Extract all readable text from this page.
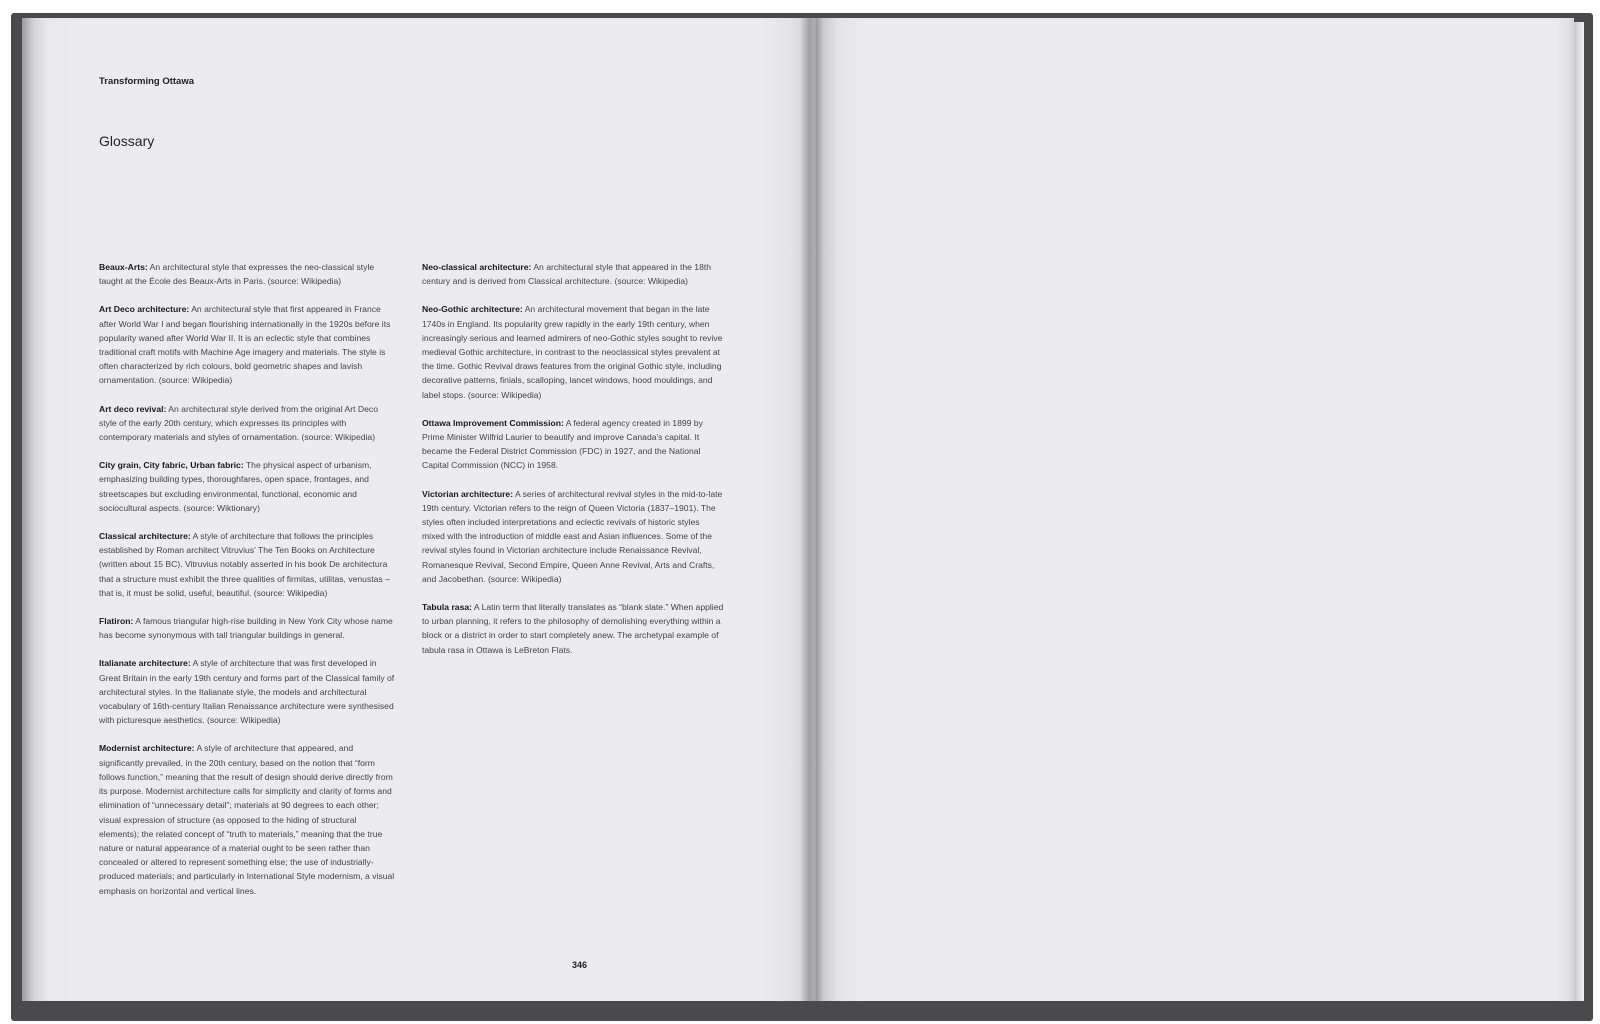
Transforming Ottawa
Glossary

Beaux-Arts: An architectural style that expresses the neo-classical style taught at the École des Beaux-Arts in Paris. (source: Wikipedia)

Art Deco architecture: An architectural style that first appeared in France after World War I and began flourishing internationally in the 1920s before its popularity waned after World War II. It is an eclectic style that combines traditional craft motifs with Machine Age imagery and materials. The style is often characterized by rich colours, bold geometric shapes and lavish ornamentation. (source: Wikipedia)

Art deco revival: An architectural style derived from the original Art Deco style of the early 20th century, which expresses its principles with contemporary materials and styles of ornamentation. (source: Wikipedia)

City grain, City fabric, Urban fabric: The physical aspect of urbanism, emphasizing building types, thoroughfares, open space, frontages, and streetscapes but excluding environmental, functional, economic and sociocultural aspects. (source: Wiktionary)

Classical architecture: A style of architecture that follows the principles established by Roman architect Vitruvius' The Ten Books on Architecture (written about 15 BC). Vitruvius notably asserted in his book De architectura that a structure must exhibit the three qualities of firmitas, utilitas, venustas – that is, it must be solid, useful, beautiful. (source: Wikipedia)

Flatiron: A famous triangular high-rise building in New York City whose name has become synonymous with tall triangular buildings in general.

Italianate architecture: A style of architecture that was first developed in Great Britain in the early 19th century and forms part of the Classical family of architectural styles. In the Italianate style, the models and architectural vocabulary of 16th-century Italian Renaissance architecture were synthesised with picturesque aesthetics. (source: Wikipedia)

Modernist architecture: A style of architecture that appeared, and significantly prevailed, in the 20th century, based on the notion that “form follows function,” meaning that the result of design should derive directly from its purpose. Modernist architecture calls for simplicity and clarity of forms and elimination of “unnecessary detail”; materials at 90 degrees to each other; visual expression of structure (as opposed to the hiding of structural elements); the related concept of “truth to materials,” meaning that the true nature or natural appearance of a material ought to be seen rather than concealed or altered to represent something else; the use of industrially-produced materials; and particularly in International Style modernism, a visual emphasis on horizontal and vertical lines.

Neo-classical architecture: An architectural style that appeared in the 18th century and is derived from Classical architecture. (source: Wikipedia)

Neo-Gothic architecture: An architectural movement that began in the late 1740s in England. Its popularity grew rapidly in the early 19th century, when increasingly serious and learned admirers of neo-Gothic styles sought to revive medieval Gothic architecture, in contrast to the neoclassical styles prevalent at the time. Gothic Revival draws features from the original Gothic style, including decorative patterns, finials, scalloping, lancet windows, hood mouldings, and label stops. (source: Wikipedia)

Ottawa Improvement Commission: A federal agency created in 1899 by Prime Minister Wilfrid Laurier to beautify and improve Canada's capital. It became the Federal District Commission (FDC) in 1927, and the National Capital Commission (NCC) in 1958.

Victorian architecture: A series of architectural revival styles in the mid-to-late 19th century. Victorian refers to the reign of Queen Victoria (1837–1901). The styles often included interpretations and eclectic revivals of historic styles mixed with the introduction of middle east and Asian influences. Some of the revival styles found in Victorian architecture include Renaissance Revival, Romanesque Revival, Second Empire, Queen Anne Revival, Arts and Crafts, and Jacobethan. (source: Wikipedia)

Tabula rasa: A Latin term that literally translates as “blank slate.” When applied to urban planning, it refers to the philosophy of demolishing everything within a block or a district in order to start completely anew. The archetypal example of tabula rasa in Ottawa is LeBreton Flats.

346
